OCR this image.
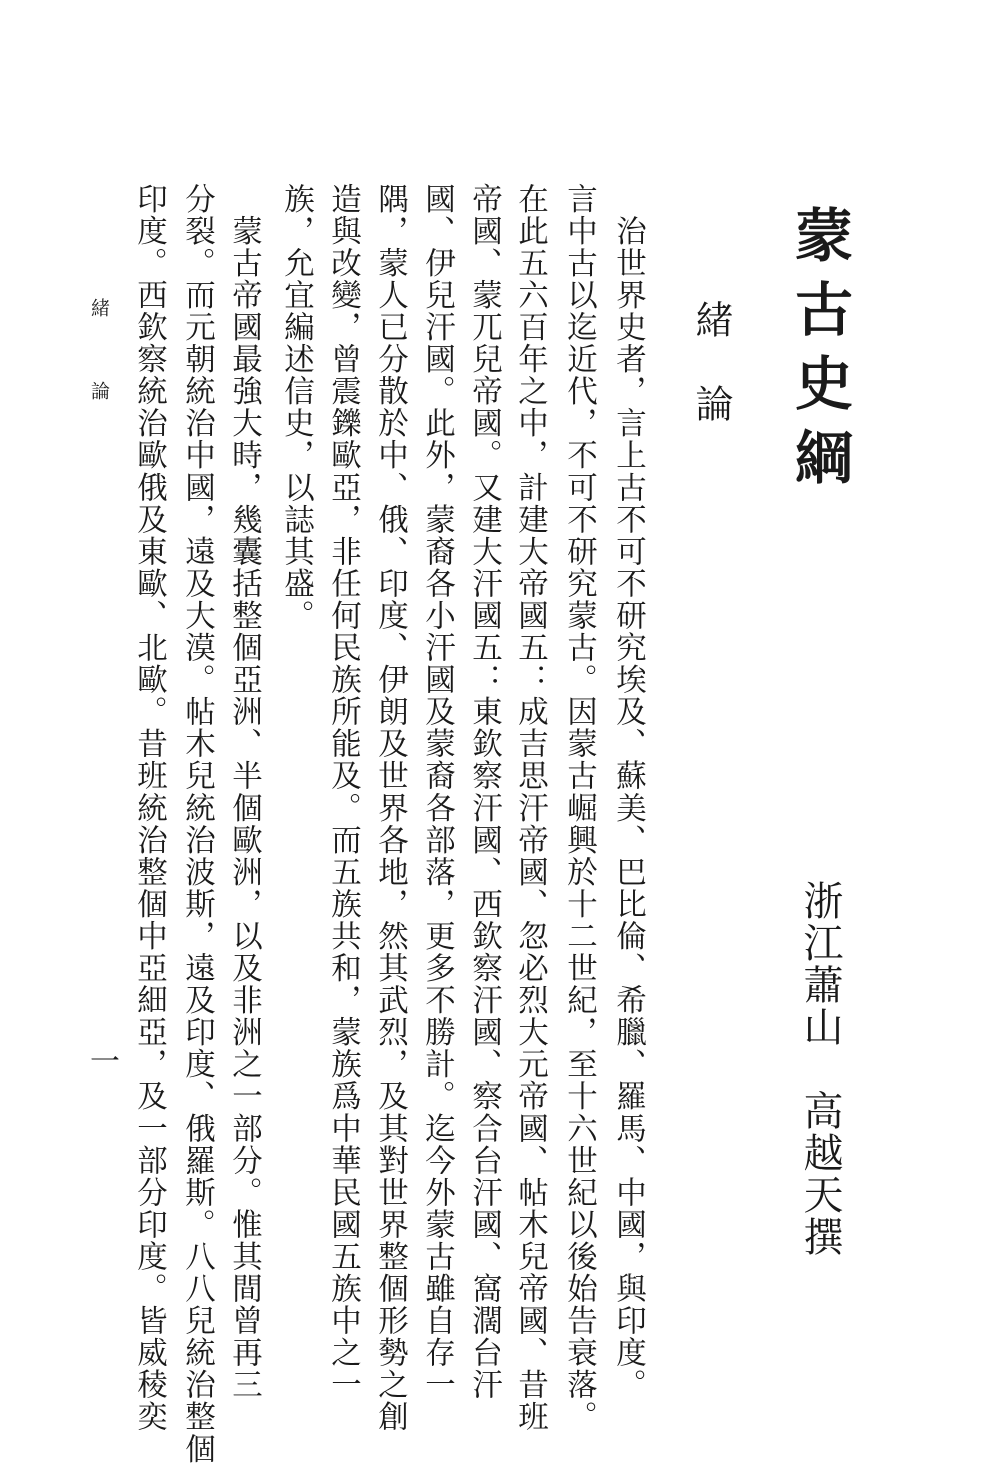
蒙古史綱
浙江蕭山　高越天撰
緒論
　治世界史者，言上古不可不研究埃及、蘇美、巴比倫、希臘、羅馬、中國，與印度。
言中古以迄近代，不可不研究蒙古。因蒙古崛興於十二世紀，至十六世紀以後始告衰落。
在此五六百年之中，計建大帝國五：成吉思汗帝國、忽必烈大元帝國、帖木兒帝國、昔班
帝國、蒙兀兒帝國。又建大汗國五：東欽察汗國、西欽察汗國、察合台汗國、窩濶台汗
國、伊兒汗國。此外，蒙裔各小汗國及蒙裔各部落，更多不勝計。迄今外蒙古雖自存一
隅，蒙人已分散於中、俄、印度、伊朗及世界各地，然其武烈，及其對世界整個形勢之創
造與改變，曾震鑠歐亞，非任何民族所能及。而五族共和，蒙族爲中華民國五族中之一
族，允宜編述信史，以誌其盛。
　蒙古帝國最強大時，幾囊括整個亞洲、半個歐洲，以及非洲之一部分。惟其間曾再三
分裂。而元朝統治中國，遠及大漠。帖木兒統治波斯，遠及印度、俄羅斯。八八兒統治整個
印度。西欽察統治歐俄及東歐、北歐。昔班統治整個中亞細亞，及一部分印度。皆威稜奕
緒論
一
